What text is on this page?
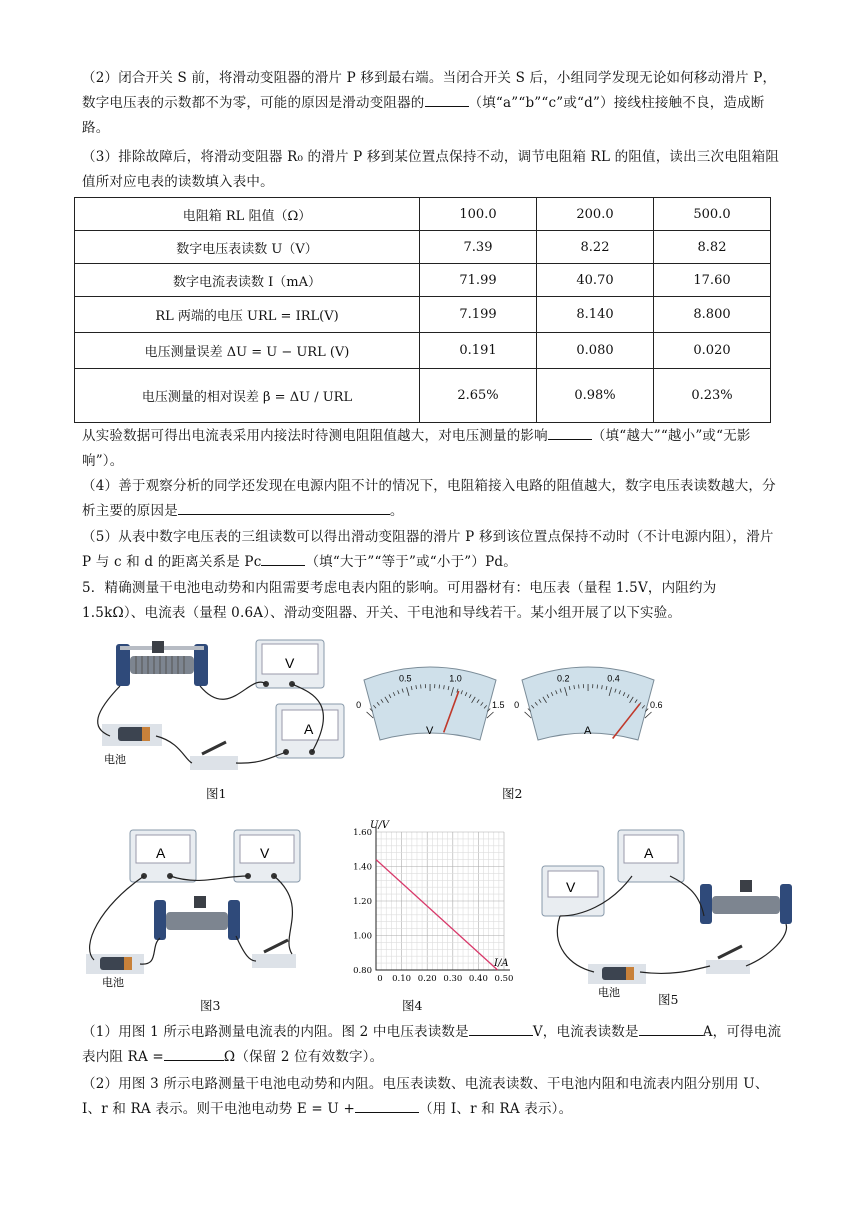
（2）闭合开关 S 前，将滑动变阻器的滑片 P 移到最右端。当闭合开关 S 后，小组同学发现无论如何移动滑片 P，数字电压表的示数都不为零，可能的原因是滑动变阻器的	（填“a”“b”“c”或“d”）接线柱接触不良，造成断路。
（3）排除故障后，将滑动变阻器 R₀ 的滑片 P 移到某位置点保持不动，调节电阻箱 RL 的阻值，读出三次电阻箱阻值所对应电表的读数填入表中。
电阻箱 RL 阻值（Ω）	100.0	200.0	500.0
数字电压表读数 U（V）	7.39	8.22	8.82
数字电流表读数 I（mA）	71.99	40.70	17.60
RL 两端的电压 URL = IRL(V)	7.199	8.140	8.800
电压测量误差 ΔU = U − URL (V)	0.191	0.080	0.020
电压测量的相对误差 β = ΔU / URL	2.65%	0.98%	0.23%
从实验数据可得出电流表采用内接法时待测电阻阻值越大，对电压测量的影响	（填“越大”“越小”或“无影响”）。
（4）善于观察分析的同学还发现在电源内阻不计的情况下，电阻箱接入电路的阻值越大，数字电压表读数越大，分析主要的原因是	。
（5）从表中数字电压表的三组读数可以得出滑动变阻器的滑片 P 移到该位置点保持不动时（不计电源内阻），滑片 P 与 c 和 d 的距离关系是 Pc	（填“大于”“等于”或“小于”）Pd。
5．精确测量干电池电动势和内阻需要考虑电表内阻的影响。可用器材有：电压表（量程 1.5V，内阻约为 1.5kΩ）、电流表（量程 0.6A）、滑动变阻器、开关、干电池和导线若干。某小组开展了以下实验。
V
A
电池
图1
0
0.5	1.0
1.5
V
0
0.2	0.4
0.6
A
图2
A	V
电池
图3
0.80
1.00
1.20
1.40
1.60
0 0.10 0.20 0.30 0.40 0.50
U/V
I/A
图4
A
V
电池	图5
（1）用图 1 所示电路测量电流表的内阻。图 2 中电压表读数是	V，电流表读数是	A，可得电流表内阻 RA =	Ω（保留 2 位有效数字）。
（2）用图 3 所示电路测量干电池电动势和内阻。电压表读数、电流表读数、干电池内阻和电流表内阻分别用 U、I、r 和 RA 表示。则干电池电动势 E = U +	（用 I、r 和 RA 表示）。
